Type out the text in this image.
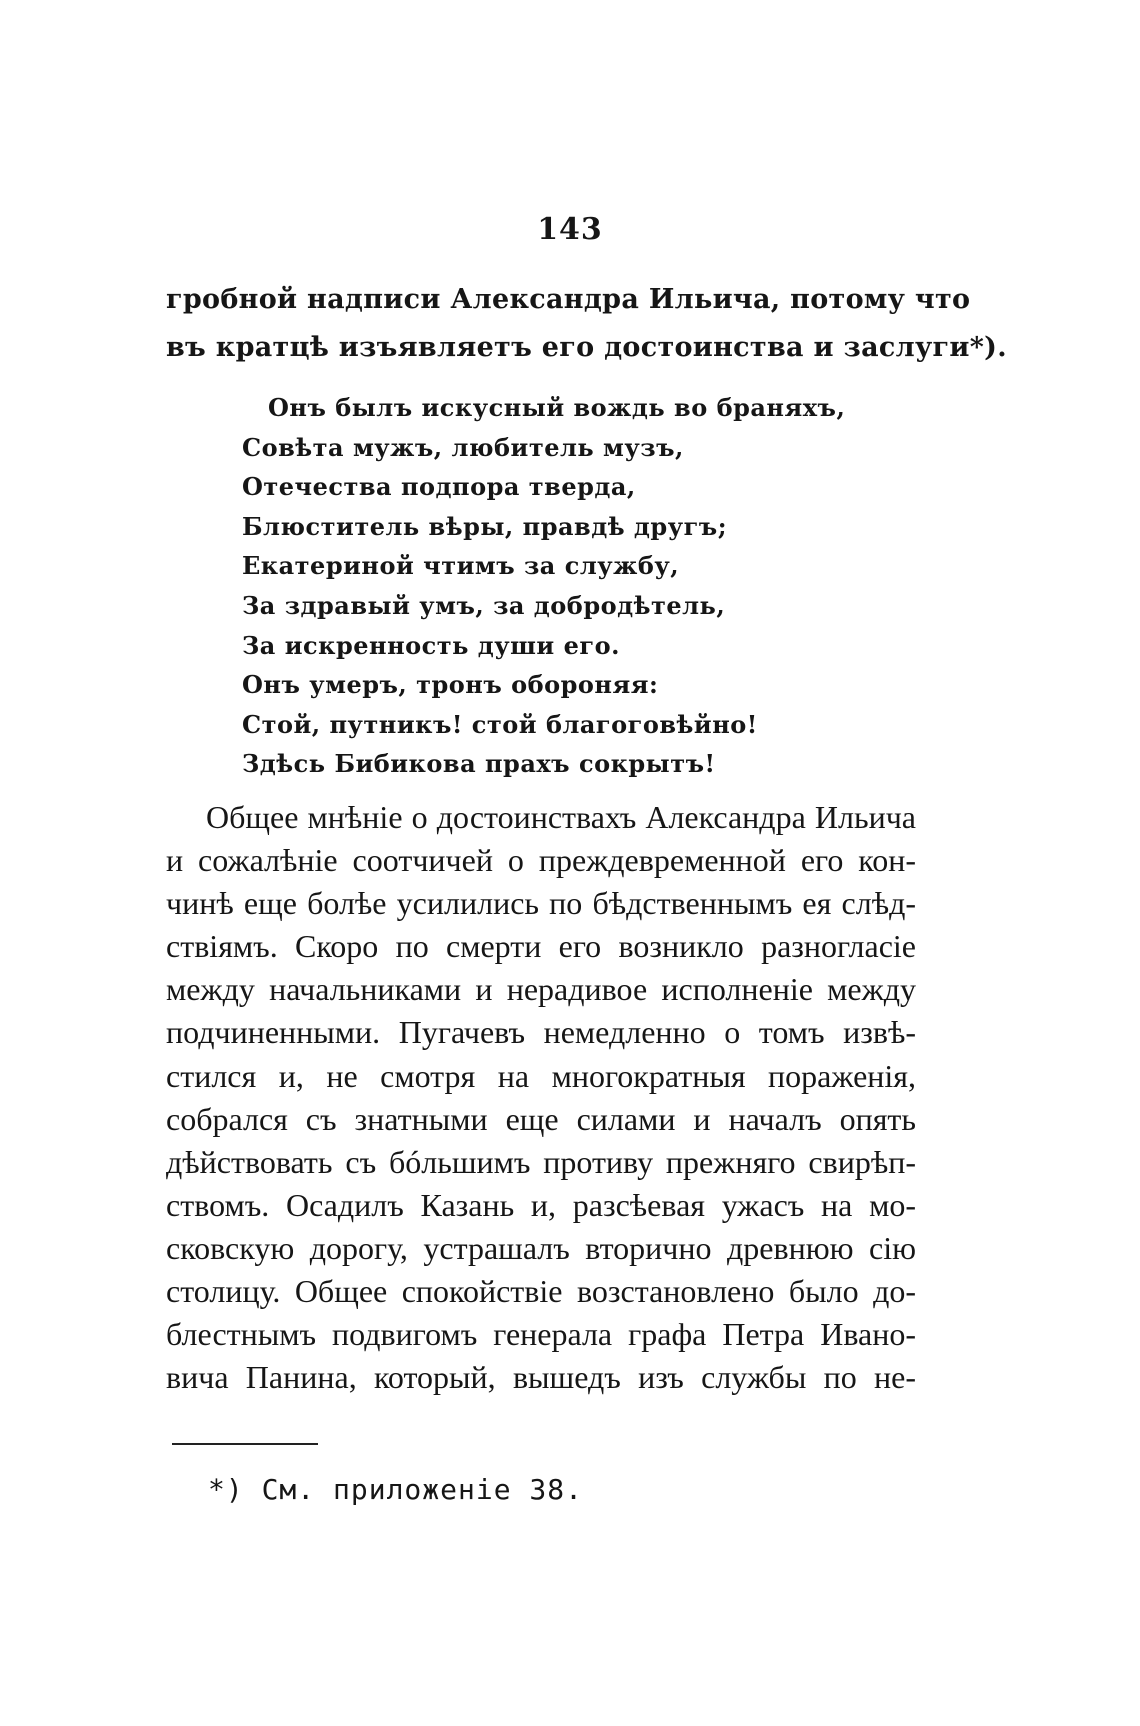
143
гробной надписи Александра Ильича, потому что
въ кратцѣ изъявляетъ его достоинства и заслуги*).
Онъ былъ искусный вождь во браняхъ,
Совѣта мужъ, любитель музъ,
Отечества подпора тверда,
Блюститель вѣры, правдѣ другъ;
Екатериной чтимъ за службу,
За здравый умъ, за добродѣтель,
За искренность души его.
Онъ умеръ, тронъ обороняя:
Стой, путникъ! стой благоговѣйно!
Здѣсь Бибикова прахъ сокрытъ!
Общее мнѣніе о достоинствахъ Александра Ильича
и сожалѣніе соотчичей о преждевременной его кон-
чинѣ еще болѣе усилились по бѣдственнымъ ея слѣд-
ствіямъ. Скоро по смерти его возникло разногласіе
между начальниками и нерадивое исполненіе между
подчиненными. Пугачевъ немедленно о томъ извѣ-
стился и, не смотря на многократныя пораженія,
собрался съ знатными еще силами и началъ опять
дѣйствовать съ бóльшимъ противу прежняго свирѣп-
ствомъ. Осадилъ Казань и, разсѣевая ужасъ на мо-
сковскую дорогу, устрашалъ вторично древнюю сію
столицу. Общее спокойствіе возстановлено было до-
блестнымъ подвигомъ генерала графа Петра Ивано-
вича Панина, который, вышедъ изъ службы по не-
*) См. приложеніе 38.
